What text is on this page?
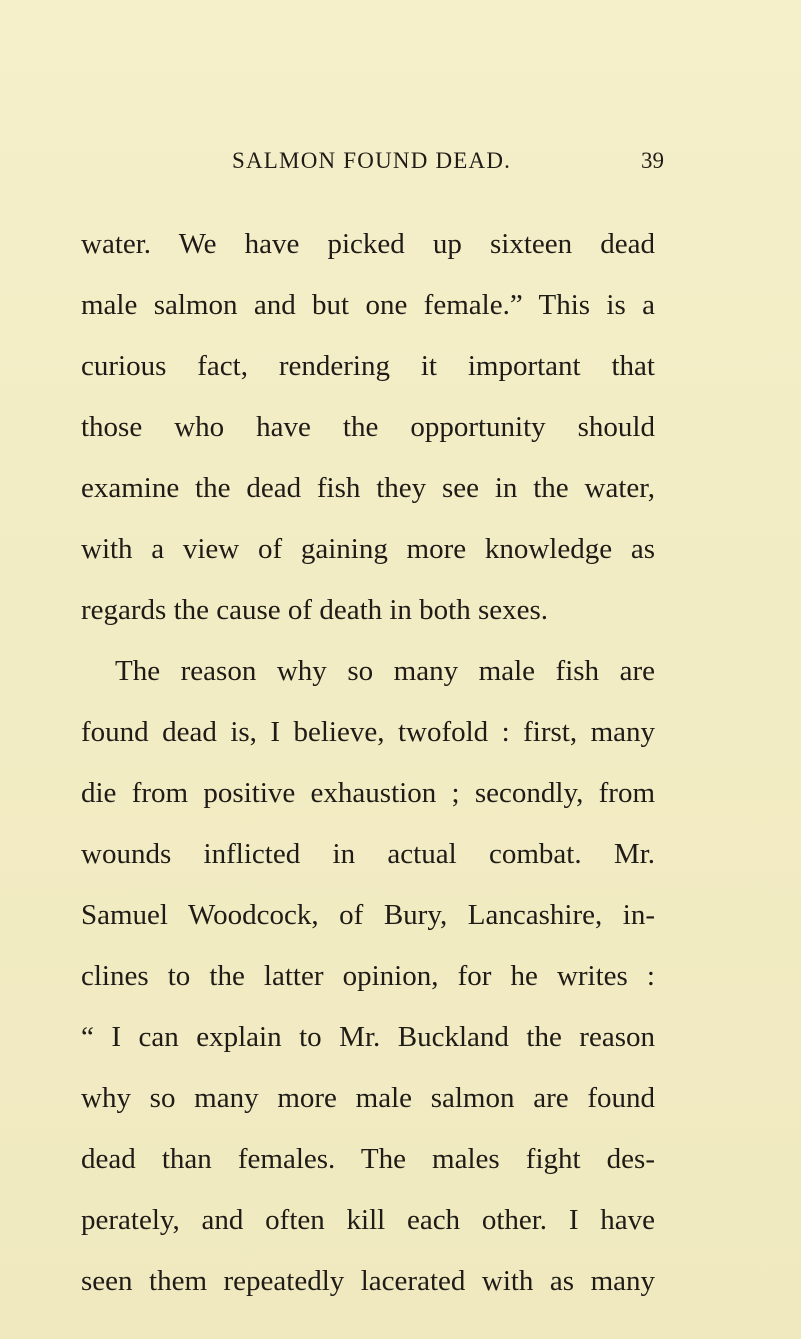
SALMON FOUND DEAD.	39
water. We have picked up sixteen dead
male salmon and but one female.” This is a
curious fact, rendering it important that
those who have the opportunity should
examine the dead fish they see in the water,
with a view of gaining more knowledge as
regards the cause of death in both sexes.
The reason why so many male fish are
found dead is, I believe, twofold : first, many
die from positive exhaustion ; secondly, from
wounds inflicted in actual combat. Mr.
Samuel Woodcock, of Bury, Lancashire, in-
clines to the latter opinion, for he writes :
“ I can explain to Mr. Buckland the reason
why so many more male salmon are found
dead than females. The males fight des-
perately, and often kill each other. I have
seen them repeatedly lacerated with as many
